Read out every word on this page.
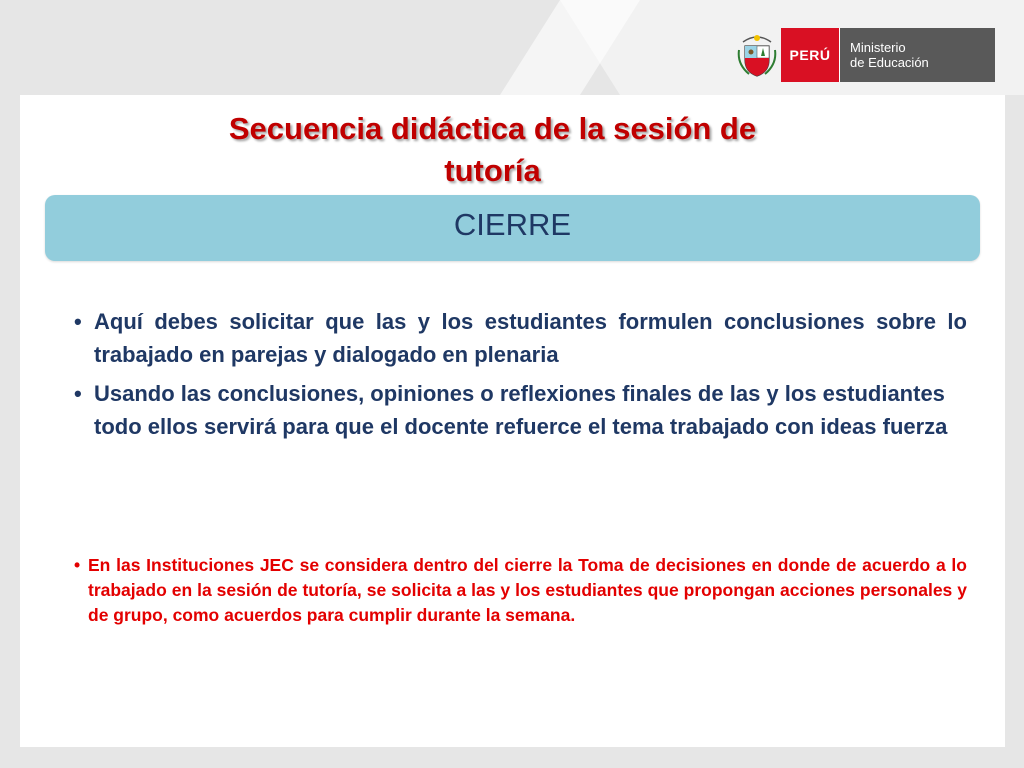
PERÚ	Ministerio
de Educación
Secuencia didáctica de la sesión de
tutoría
CIERRE
• Aquí debes solicitar que las y los estudiantes formulen conclusiones sobre lo trabajado en parejas y dialogado en plenaria
• Usando las conclusiones, opiniones o reflexiones finales de las y los estudiantes todo ellos servirá para que el docente refuerce el tema trabajado con ideas fuerza
• En las Instituciones JEC se considera dentro del cierre la Toma de decisiones en donde de acuerdo a lo trabajado en la sesión de tutoría, se solicita a las y los estudiantes que propongan acciones personales y de grupo, como acuerdos para cumplir durante la semana.
